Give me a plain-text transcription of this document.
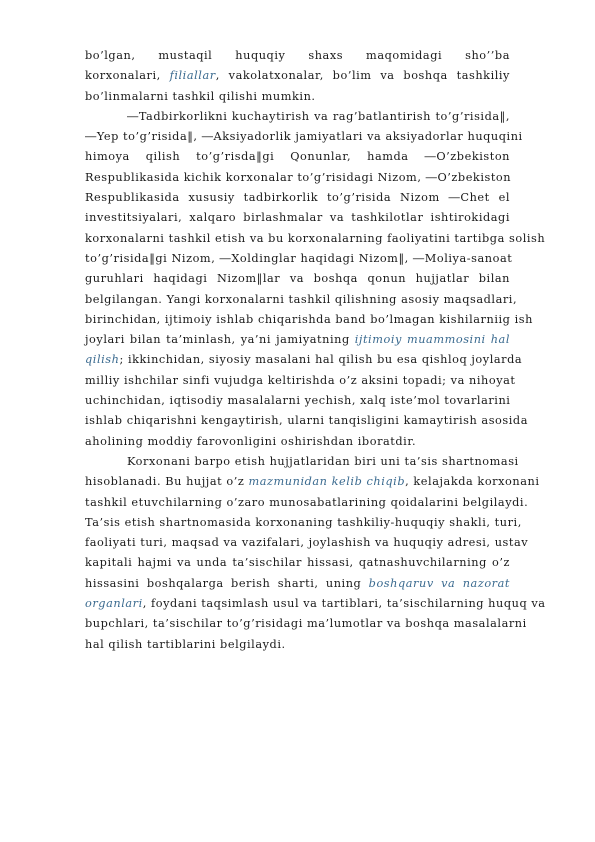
bo’lgan, mustaqil huquqiy shaxs maqomidagi sho’’ba
korxonalari, filiallar, vakolatxonalar, bo’lim va boshqa tashkiliy
bo’linmalarni tashkil qilishi mumkin.
―Tadbirkorlikni kuchaytirish va rag’batlantirish to’g’risida‖,
―Yep to’g’risida‖, ―Aksiyadorlik jamiyatlari va aksiyadorlar huquqini
himoya qilish to’g’risda‖gi Qonunlar, hamda ―O’zbekiston
Respublikasida kichik korxonalar to’g’risidagi Nizom, ―O’zbekiston
Respublikasida xususiy tadbirkorlik to’g’risida Nizom ―Chet el
investitsiyalari, xalqaro birlashmalar va tashkilotlar ishtirokidagi
korxonalarni tashkil etish va bu korxonalarning faoliyatini tartibga solish
to’g’risida‖gi Nizom, ―Xoldinglar haqidagi Nizom‖, ―Moliya-sanoat
guruhlari haqidagi Nizom‖lar va boshqa qonun hujjatlar bilan
belgilangan. Yangi korxonalarni tashkil qilishning asosiy maqsadlari,
birinchidan, ijtimoiy ishlab chiqarishda band bo’lmagan kishilarniig ish
joylari bilan ta’minlash, ya’ni jamiyatning ijtimoiy muammosini hal
qilish; ikkinchidan, siyosiy masalani hal qilish bu esa qishloq joylarda
milliy ishchilar sinfi vujudga keltirishda o’z aksini topadi; va nihoyat
uchinchidan, iqtisodiy masalalarni yechish, xalq iste’mol tovarlarini
ishlab chiqarishni kengaytirish, ularni tanqisligini kamaytirish asosida
aholining moddiy farovonligini oshirishdan iboratdir.
Korxonani barpo etish hujjatlaridan biri uni ta’sis shartnomasi
hisoblanadi. Bu hujjat o’z mazmunidan kelib chiqib, kelajakda korxonani
tashkil etuvchilarning o’zaro munosabatlarining qoidalarini belgilaydi.
Ta’sis etish shartnomasida korxonaning tashkiliy-huquqiy shakli, turi,
faoliyati turi, maqsad va vazifalari, joylashish va huquqiy adresi, ustav
kapitali hajmi va unda ta’sischilar hissasi, qatnashuvchilarning o’z
hissasini boshqalarga berish sharti, uning boshqaruv va nazorat
organlari, foydani taqsimlash usul va tartiblari, ta’sischilarning huquq va
bupchlari, ta’sischilar to’g’risidagi ma’lumotlar va boshqa masalalarni
hal qilish tartiblarini belgilaydi.
